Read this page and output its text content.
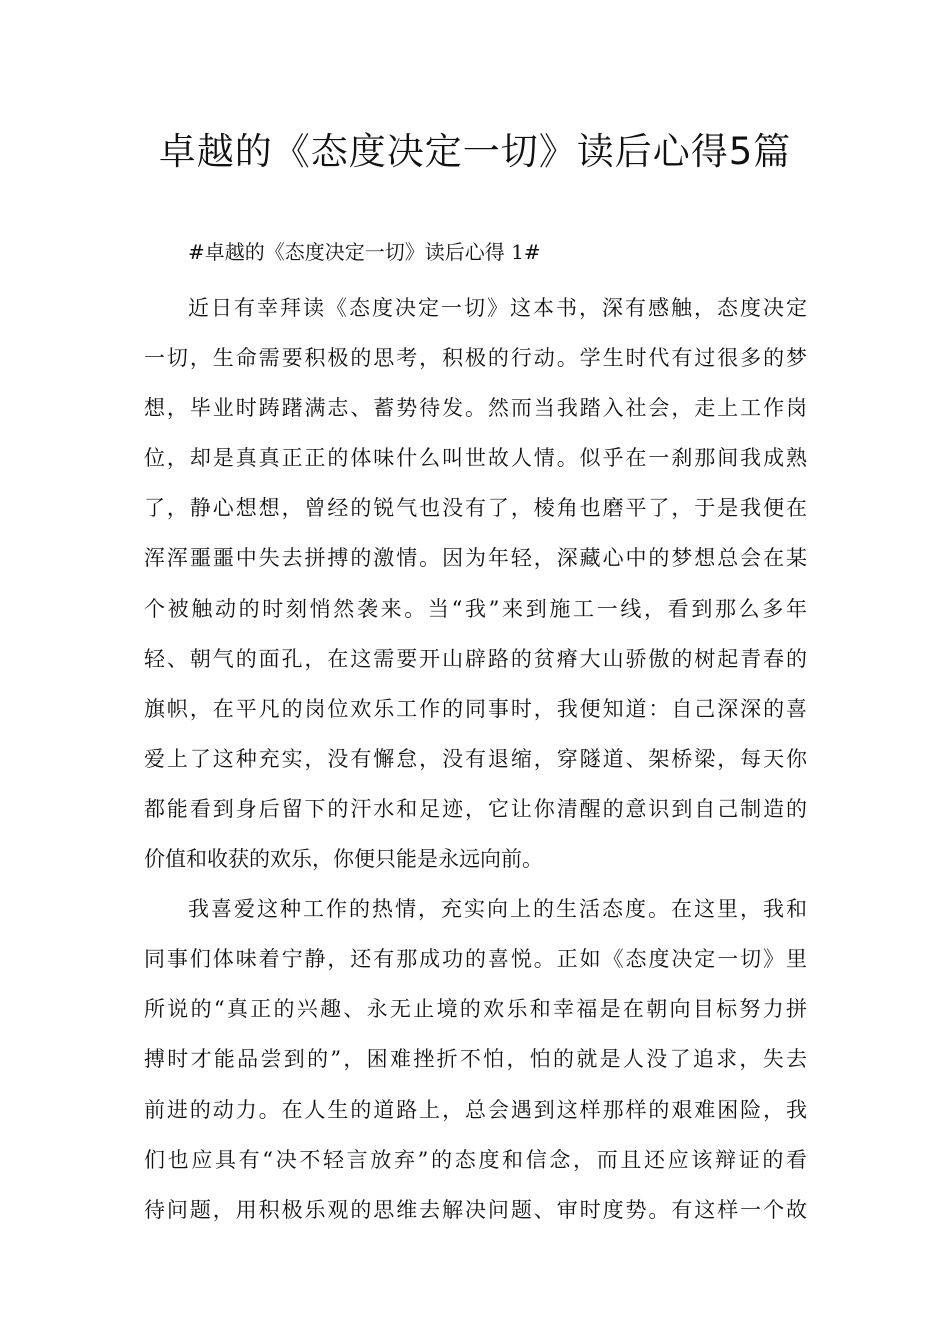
卓越的《态度决定一切》读后心得5篇

#卓越的《态度决定一切》读后心得 1#

近日有幸拜读《态度决定一切》这本书，深有感触，态度决定
一切，生命需要积极的思考，积极的行动。学生时代有过很多的梦
想，毕业时踌躇满志、蓄势待发。然而当我踏入社会，走上工作岗
位，却是真真正正的体味什么叫世故人情。似乎在一刹那间我成熟
了，静心想想，曾经的锐气也没有了，棱角也磨平了，于是我便在
浑浑噩噩中失去拼搏的激情。因为年轻，深藏心中的梦想总会在某
个被触动的时刻悄然袭来。当“我”来到施工一线，看到那么多年
轻、朝气的面孔，在这需要开山辟路的贫瘠大山骄傲的树起青春的
旗帜，在平凡的岗位欢乐工作的同事时，我便知道：自己深深的喜
爱上了这种充实，没有懈怠，没有退缩，穿隧道、架桥梁，每天你
都能看到身后留下的汗水和足迹，它让你清醒的意识到自己制造的
价值和收获的欢乐，你便只能是永远向前。
我喜爱这种工作的热情，充实向上的生活态度。在这里，我和
同事们体味着宁静，还有那成功的喜悦。正如《态度决定一切》里
所说的“真正的兴趣、永无止境的欢乐和幸福是在朝向目标努力拼
搏时才能品尝到的”，困难挫折不怕，怕的就是人没了追求，失去
前进的动力。在人生的道路上，总会遇到这样那样的艰难困险，我
们也应具有“决不轻言放弃”的态度和信念，而且还应该辩证的看
待问题，用积极乐观的思维去解决问题、审时度势。有这样一个故
